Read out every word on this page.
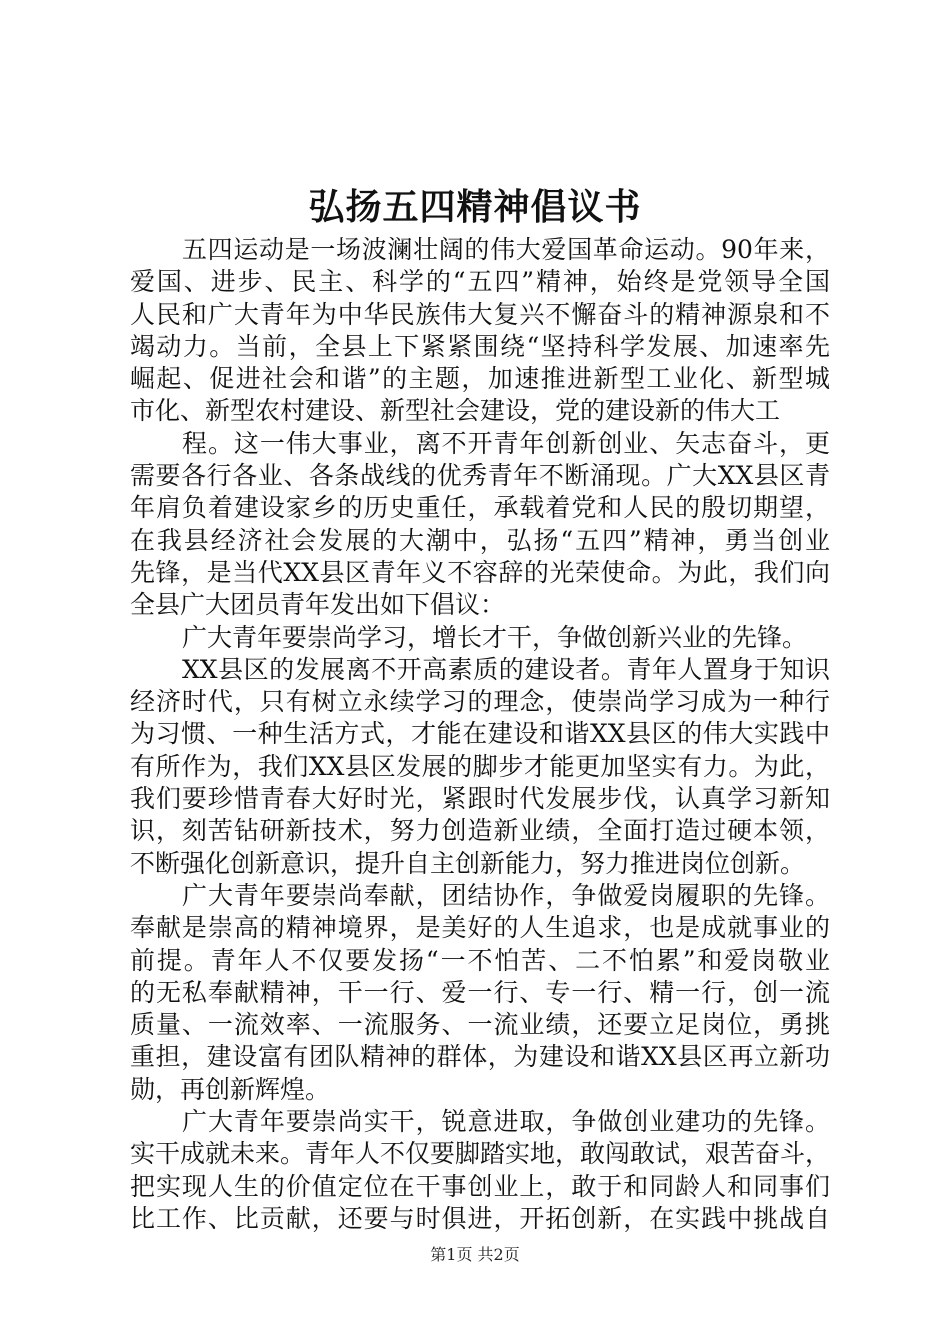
弘扬五四精神倡议书
五四运动是一场波澜壮阔的伟大爱国革命运动。90年来，
爱国、进步、民主、科学的“五四”精神，始终是党领导全国
人民和广大青年为中华民族伟大复兴不懈奋斗的精神源泉和不
竭动力。当前，全县上下紧紧围绕“坚持科学发展、加速率先
崛起、促进社会和谐”的主题，加速推进新型工业化、新型城
市化、新型农村建设、新型社会建设，党的建设新的伟大工
程。这一伟大事业，离不开青年创新创业、矢志奋斗，更
需要各行各业、各条战线的优秀青年不断涌现。广大XX县区青
年肩负着建设家乡的历史重任，承载着党和人民的殷切期望，
在我县经济社会发展的大潮中，弘扬“五四”精神，勇当创业
先锋，是当代XX县区青年义不容辞的光荣使命。为此，我们向
全县广大团员青年发出如下倡议：
广大青年要崇尚学习，增长才干，争做创新兴业的先锋。
XX县区的发展离不开高素质的建设者。青年人置身于知识
经济时代，只有树立永续学习的理念，使崇尚学习成为一种行
为习惯、一种生活方式，才能在建设和谐XX县区的伟大实践中
有所作为，我们XX县区发展的脚步才能更加坚实有力。为此，
我们要珍惜青春大好时光，紧跟时代发展步伐，认真学习新知
识，刻苦钻研新技术，努力创造新业绩，全面打造过硬本领，
不断强化创新意识，提升自主创新能力，努力推进岗位创新。
广大青年要崇尚奉献，团结协作，争做爱岗履职的先锋。
奉献是崇高的精神境界，是美好的人生追求，也是成就事业的
前提。青年人不仅要发扬“一不怕苦、二不怕累”和爱岗敬业
的无私奉献精神，干一行、爱一行、专一行、精一行，创一流
质量、一流效率、一流服务、一流业绩，还要立足岗位，勇挑
重担，建设富有团队精神的群体，为建设和谐XX县区再立新功
勋，再创新辉煌。
广大青年要崇尚实干，锐意进取，争做创业建功的先锋。
实干成就未来。青年人不仅要脚踏实地，敢闯敢试，艰苦奋斗，
把实现人生的价值定位在干事创业上，敢于和同龄人和同事们
比工作、比贡献，还要与时俱进，开拓创新，在实践中挑战自
第1页 共2页
